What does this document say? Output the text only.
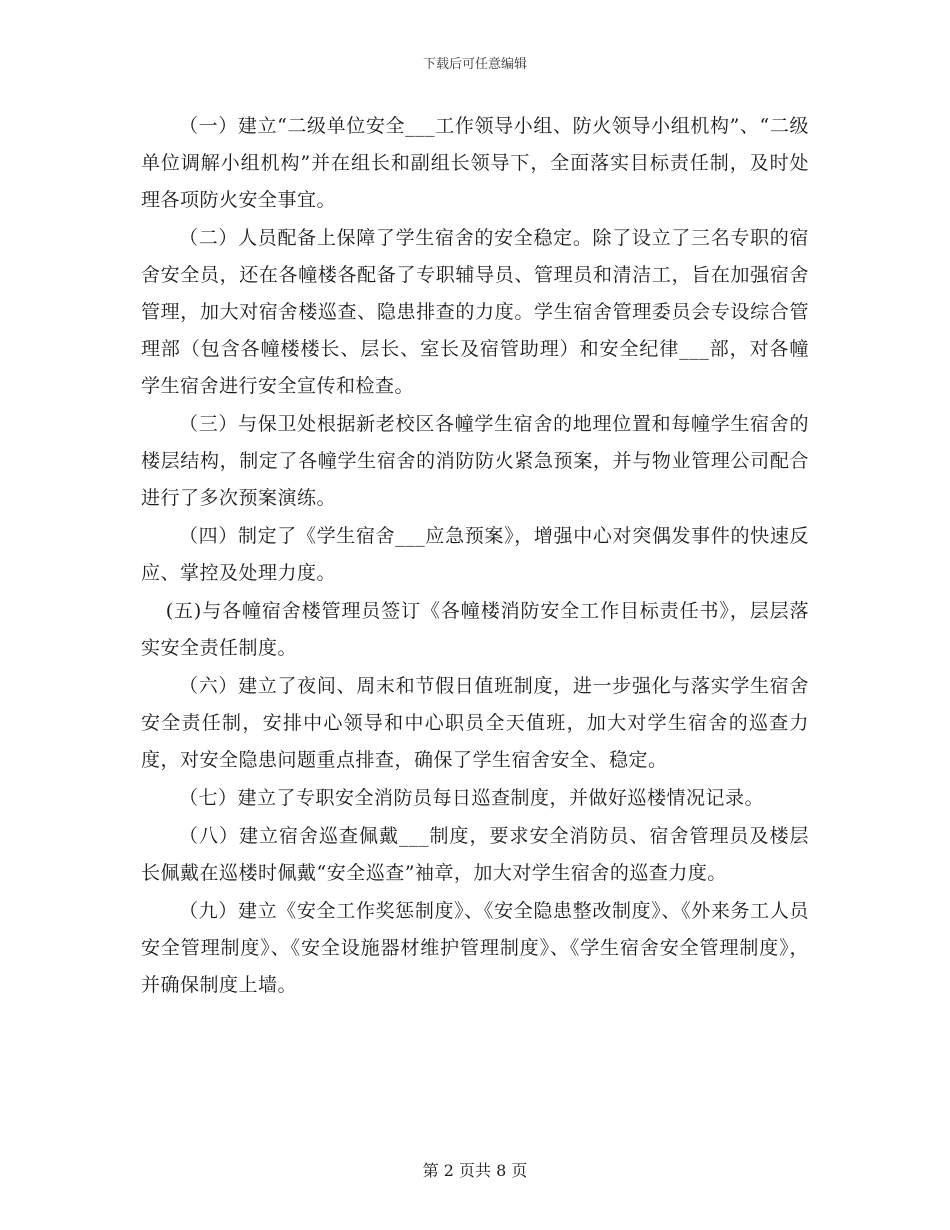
下载后可任意编辑

（一）建立“二级单位安全___工作领导小组、防火领导小组机构”、“二级单位调解小组机构”并在组长和副组长领导下，全面落实目标责任制，及时处理各项防火安全事宜。

（二）人员配备上保障了学生宿舍的安全稳定。除了设立了三名专职的宿舍安全员，还在各幢楼各配备了专职辅导员、管理员和清洁工，旨在加强宿舍管理，加大对宿舍楼巡查、隐患排查的力度。学生宿舍管理委员会专设综合管理部（包含各幢楼楼长、层长、室长及宿管助理）和安全纪律___部，对各幢学生宿舍进行安全宣传和检查。

（三）与保卫处根据新老校区各幢学生宿舍的地理位置和每幢学生宿舍的楼层结构，制定了各幢学生宿舍的消防防火紧急预案，并与物业管理公司配合进行了多次预案演练。

（四）制定了《学生宿舍___应急预案》，增强中心对突偶发事件的快速反应、掌控及处理力度。

(五)与各幢宿舍楼管理员签订《各幢楼消防安全工作目标责任书》，层层落实安全责任制度。

（六）建立了夜间、周末和节假日值班制度，进一步强化与落实学生宿舍安全责任制，安排中心领导和中心职员全天值班，加大对学生宿舍的巡查力度，对安全隐患问题重点排查，确保了学生宿舍安全、稳定。

（七）建立了专职安全消防员每日巡查制度，并做好巡楼情况记录。

（八）建立宿舍巡查佩戴___制度，要求安全消防员、宿舍管理员及楼层长佩戴在巡楼时佩戴“安全巡查”袖章，加大对学生宿舍的巡查力度。

（九）建立《安全工作奖惩制度》、《安全隐患整改制度》、《外来务工人员安全管理制度》、《安全设施器材维护管理制度》、《学生宿舍安全管理制度》，并确保制度上墙。

第 2 页共 8 页
